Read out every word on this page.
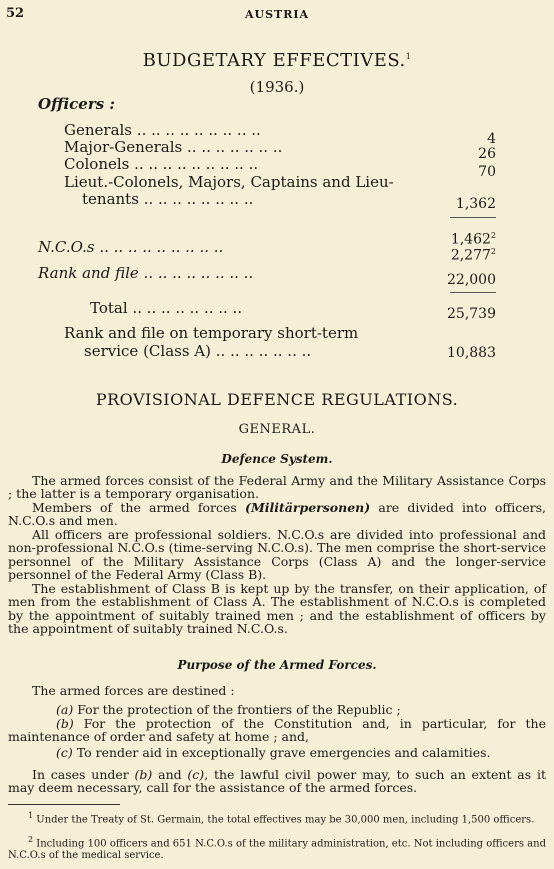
52	AUSTRIA
BUDGETARY EFFECTIVES.$^1$
(1936.)
Officers :
Generals .. .. .. .. .. .. .. .. ..	4
Major-Generals .. .. .. .. .. .. ..	26
Colonels .. .. .. .. .. .. .. .. ..	70
Lieut.-Colonels, Majors, Captains and Lieu-
tenants .. .. .. .. .. .. .. ..	1,362
1,462$^2$
N.C.O.s .. .. .. .. .. .. .. .. ..	2,277$^2$
Rank and file .. .. .. .. .. .. .. ..	22,000
Total .. .. .. .. .. .. .. ..	25,739
Rank and file on temporary short-term
service (Class A) .. .. .. .. .. .. ..	10,883
PROVISIONAL DEFENCE REGULATIONS.
GENERAL.
Defence System.
The armed forces consist of the Federal Army and the Military Assistance Corps ; the latter is a temporary organisation.
Members of the armed forces (Militärpersonen) are divided into officers, N.C.O.s and men.
All officers are professional soldiers. N.C.O.s are divided into professional and non-professional N.C.O.s (time-serving N.C.O.s). The men comprise the short-service personnel of the Military Assistance Corps (Class A) and the longer-service personnel of the Federal Army (Class B).
The establishment of Class B is kept up by the transfer, on their application, of men from the establishment of Class A. The establishment of N.C.O.s is completed by the appointment of suitably trained men ; and the establishment of officers by the appointment of suitably trained N.C.O.s.
Purpose of the Armed Forces.
The armed forces are destined :
(a) For the protection of the frontiers of the Republic ;
(b) For the protection of the Constitution and, in particular, for the maintenance of order and safety at home ; and,
(c) To render aid in exceptionally grave emergencies and calamities.
In cases under (b) and (c), the lawful civil power may, to such an extent as it may deem necessary, call for the assistance of the armed forces.
$^1$ Under the Treaty of St. Germain, the total effectives may be 30,000 men, including 1,500 officers.
$^2$ Including 100 officers and 651 N.C.O.s of the military administration, etc. Not including officers and N.C.O.s of the medical service.
